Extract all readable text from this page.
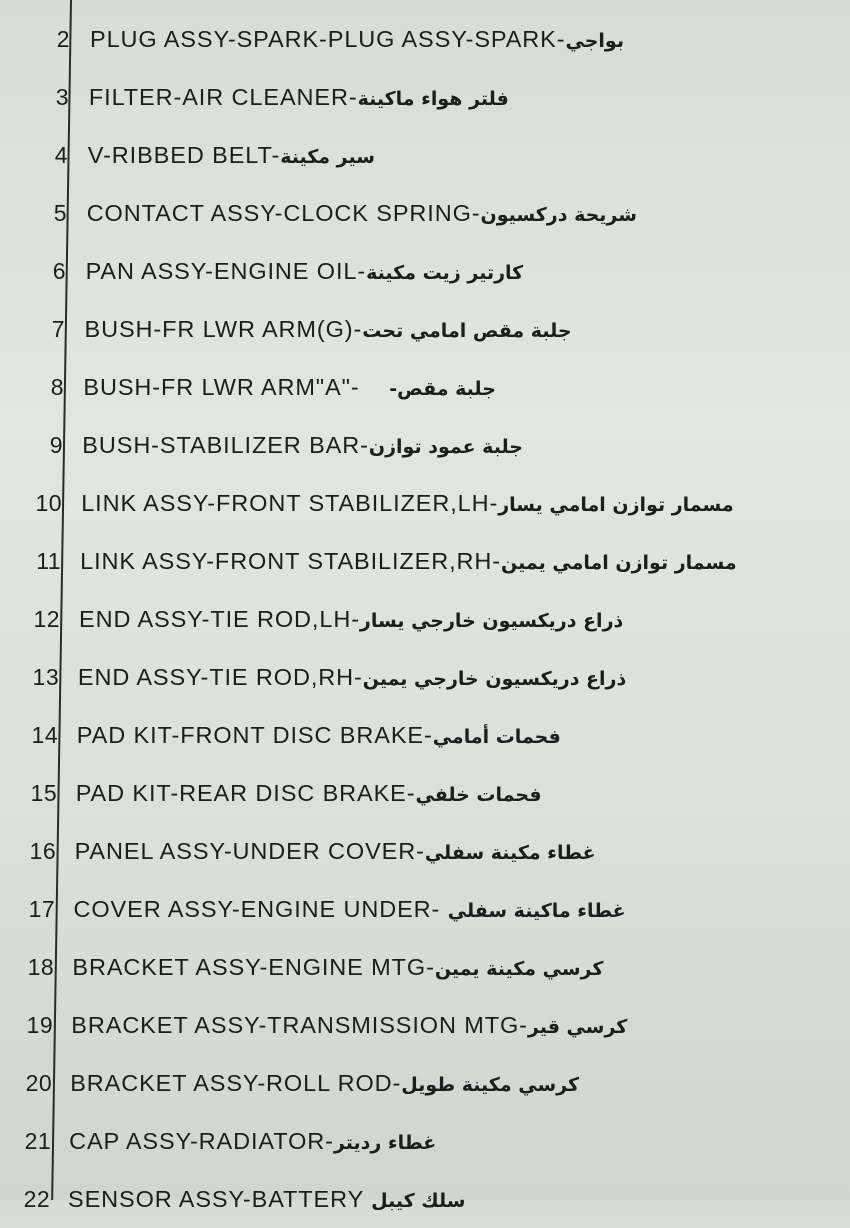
2 PLUG ASSY-SPARK-PLUG ASSY-SPARK-بواجي
3 FILTER-AIR CLEANER-فلتر هواء ماكينة
4 V-RIBBED BELT-سير مكينة
5 CONTACT ASSY-CLOCK SPRING-شريحة دركسيون
6 PAN ASSY-ENGINE OIL-كارتير زيت مكينة
7 BUSH-FR LWR ARM(G)-جلبة مقص امامي تحت
8 BUSH-FR LWR ARM"A"-    جلبة مقص-
9 BUSH-STABILIZER BAR-جلبة عمود توازن
10 LINK ASSY-FRONT STABILIZER,LH-مسمار توازن امامي يسار
11 LINK ASSY-FRONT STABILIZER,RH-مسمار توازن امامي يمين
12 END ASSY-TIE ROD,LH-ذراع دريكسيون خارجي يسار
13 END ASSY-TIE ROD,RH-ذراع دريكسيون خارجي يمين
14 PAD KIT-FRONT DISC BRAKE-فحمات أمامي
15 PAD KIT-REAR DISC BRAKE-فحمات خلفي
16 PANEL ASSY-UNDER COVER-غطاء مكينة سفلي
17 COVER ASSY-ENGINE UNDER- غطاء ماكينة سفلي
18 BRACKET ASSY-ENGINE MTG-كرسي مكينة يمين
19 BRACKET ASSY-TRANSMISSION MTG-كرسي قير
20 BRACKET ASSY-ROLL ROD-كرسي مكينة طويل
21 CAP ASSY-RADIATOR-غطاء رديتر
22 SENSOR ASSY-BATTERY سلك كيبل
